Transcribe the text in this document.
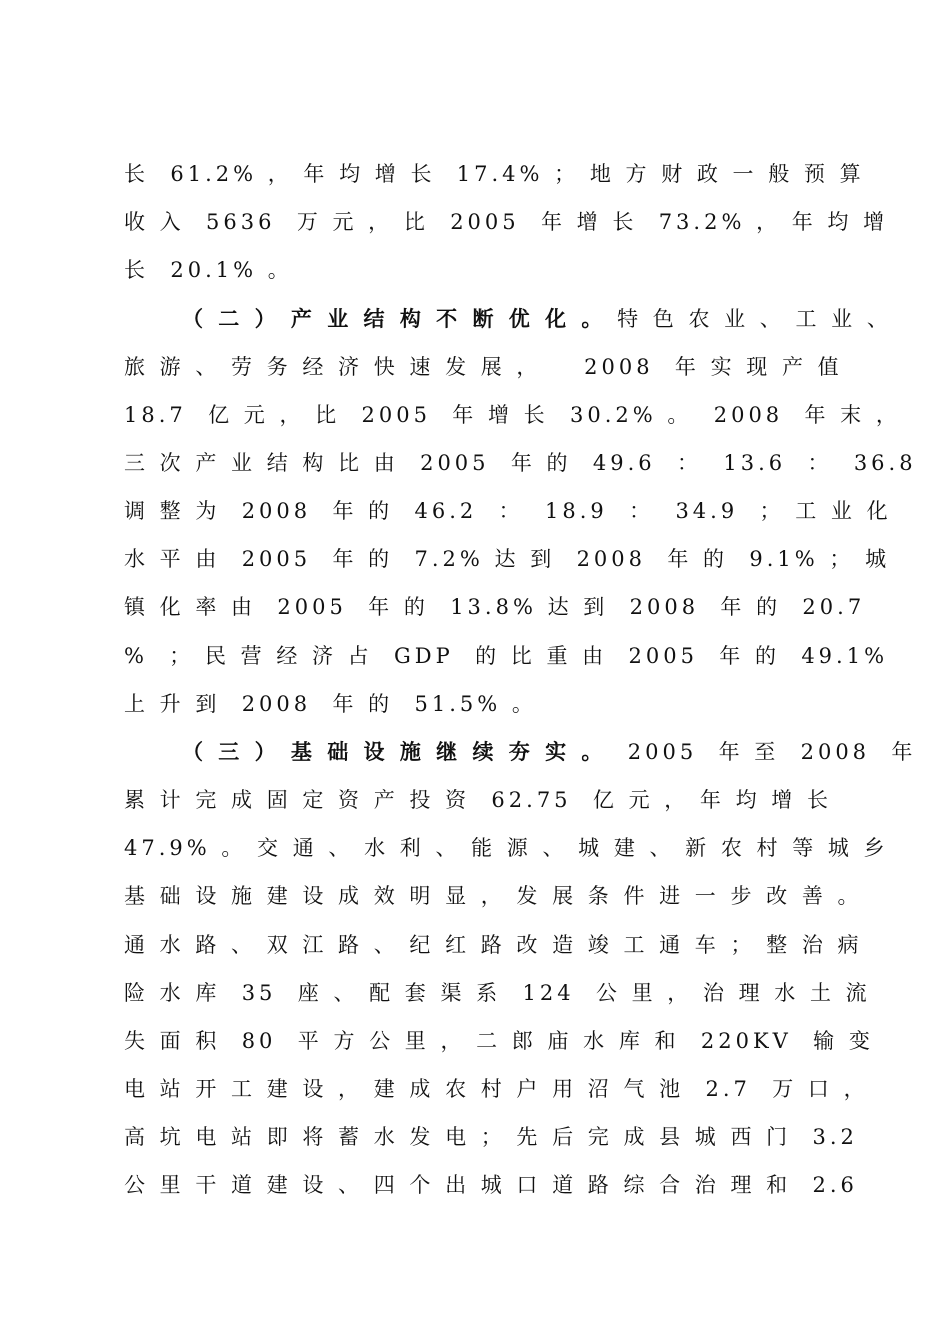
长  61.2% ， 年 均 增 长  17.4% ； 地 方 财 政 一 般 预 算
收 入  5636  万 元 ， 比  2005  年 增 长  73.2% ， 年 均 增
长  20.1% 。
（ 二 ） 产 业 结 构 不 断 优 化 。 特 色 农 业 、 工 业 、
旅 游 、 劳 务 经 济 快 速 发 展 ，    2008  年 实 现 产 值
18.7  亿 元 ， 比  2005  年 增 长  30.2% 。  2008  年 末 ，
三 次 产 业 结 构 比 由  2005  年 的  49.6  ：  13.6  ：  36.8
调 整 为  2008  年 的  46.2  ：  18.9  ：  34.9  ； 工 业 化
水 平 由  2005  年 的  7.2% 达 到  2008  年 的  9.1% ； 城
镇 化 率 由  2005  年 的  13.8% 达 到  2008  年 的  20.7
%  ； 民 营 经 济 占  GDP  的 比 重 由  2005  年 的  49.1%
上 升 到  2008  年 的  51.5% 。
（ 三 ） 基 础 设 施 继 续 夯 实 。  2005  年 至  2008  年
累 计 完 成 固 定 资 产 投 资  62.75  亿 元 ， 年 均 增 长
47.9% 。 交 通 、 水 利 、 能 源 、 城 建 、 新 农 村 等 城 乡
基 础 设 施 建 设 成 效 明 显 ， 发 展 条 件 进 一 步 改 善 。
通 水 路 、 双 江 路 、 纪 红 路 改 造 竣 工 通 车 ； 整 治 病
险 水 库  35  座 、 配 套 渠 系  124  公 里 ， 治 理 水 土 流
失 面 积  80  平 方 公 里 ， 二 郎 庙 水 库 和  220KV  输 变
电 站 开 工 建 设 ， 建 成 农 村 户 用 沼 气 池  2.7  万 口 ，
高 坑 电 站 即 将 蓄 水 发 电 ； 先 后 完 成 县 城 西 门  3.2
公 里 干 道 建 设 、 四 个 出 城 口 道 路 综 合 治 理 和  2.6
